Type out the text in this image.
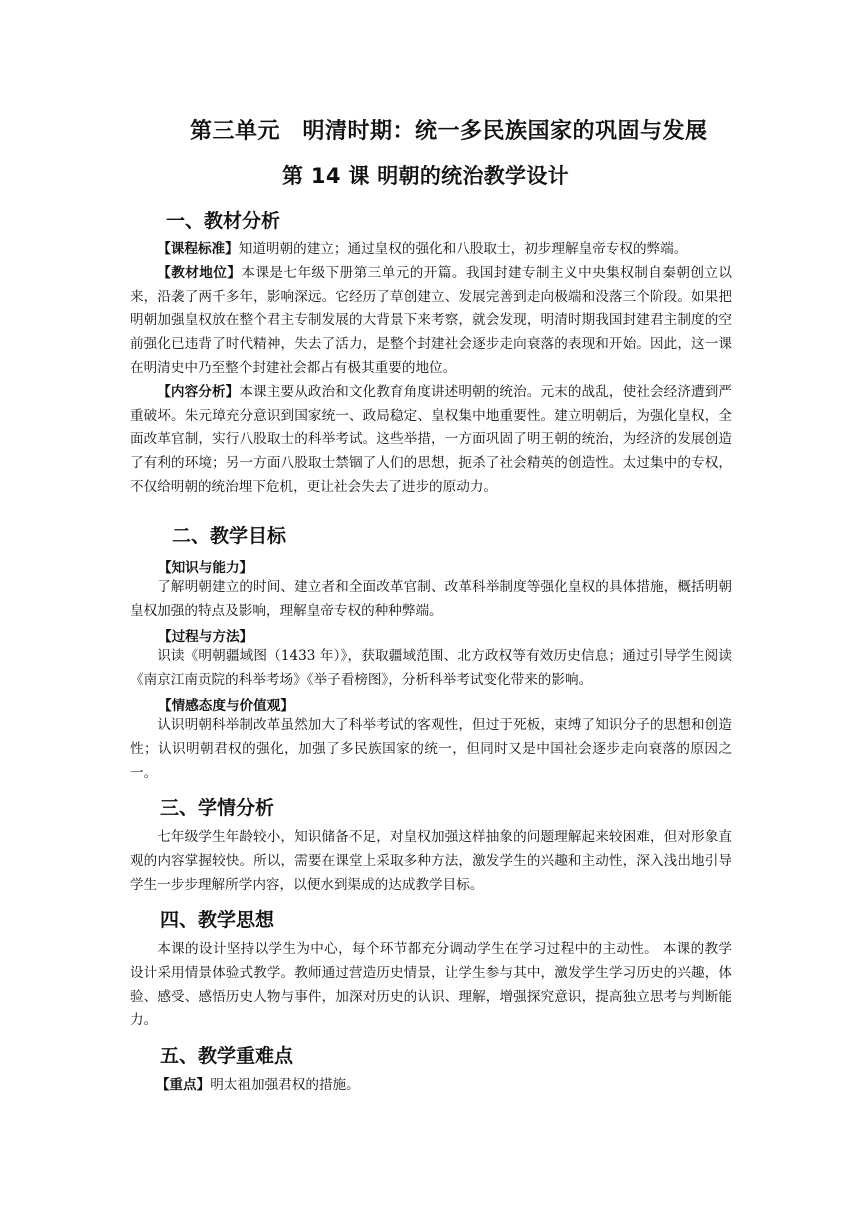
第三单元　明清时期：统一多民族国家的巩固与发展
第 14 课 明朝的统治教学设计
一、教材分析

【课程标准】知道明朝的建立；通过皇权的强化和八股取士，初步理解皇帝专权的弊端。

【教材地位】本课是七年级下册第三单元的开篇。我国封建专制主义中央集权制自秦朝创立以来，沿袭了两千多年，影响深远。它经历了草创建立、发展完善到走向极端和没落三个阶段。如果把明朝加强皇权放在整个君主专制发展的大背景下来考察，就会发现，明清时期我国封建君主制度的空前强化已违背了时代精神，失去了活力，是整个封建社会逐步走向衰落的表现和开始。因此，这一课在明清史中乃至整个封建社会都占有极其重要的地位。

【内容分析】本课主要从政治和文化教育角度讲述明朝的统治。元末的战乱，使社会经济遭到严重破坏。朱元璋充分意识到国家统一、政局稳定、皇权集中地重要性。建立明朝后，为强化皇权，全面改革官制，实行八股取士的科举考试。这些举措，一方面巩固了明王朝的统治，为经济的发展创造了有利的环境；另一方面八股取士禁锢了人们的思想，扼杀了社会精英的创造性。太过集中的专权，不仅给明朝的统治埋下危机，更让社会失去了进步的原动力。

二、教学目标
【知识与能力】

了解明朝建立的时间、建立者和全面改革官制、改革科举制度等强化皇权的具体措施，概括明朝皇权加强的特点及影响，理解皇帝专权的种种弊端。

【过程与方法】

识读《明朝疆域图（1433 年）》，获取疆域范围、北方政权等有效历史信息；通过引导学生阅读《南京江南贡院的科举考场》《举子看榜图》，分析科举考试变化带来的影响。

【情感态度与价值观】

认识明朝科举制改革虽然加大了科举考试的客观性，但过于死板，束缚了知识分子的思想和创造性；认识明朝君权的强化，加强了多民族国家的统一，但同时又是中国社会逐步走向衰落的原因之一。

三、学情分析

七年级学生年龄较小，知识储备不足，对皇权加强这样抽象的问题理解起来较困难，但对形象直观的内容掌握较快。所以，需要在课堂上采取多种方法，激发学生的兴趣和主动性，深入浅出地引导学生一步步理解所学内容，以便水到渠成的达成教学目标。

四、教学思想

本课的设计坚持以学生为中心，每个环节都充分调动学生在学习过程中的主动性。 本课的教学设计采用情景体验式教学。教师通过营造历史情景，让学生参与其中，激发学生学习历史的兴趣，体验、感受、感悟历史人物与事件，加深对历史的认识、理解，增强探究意识，提高独立思考与判断能力。

五、教学重难点

【重点】明太祖加强君权的措施。
